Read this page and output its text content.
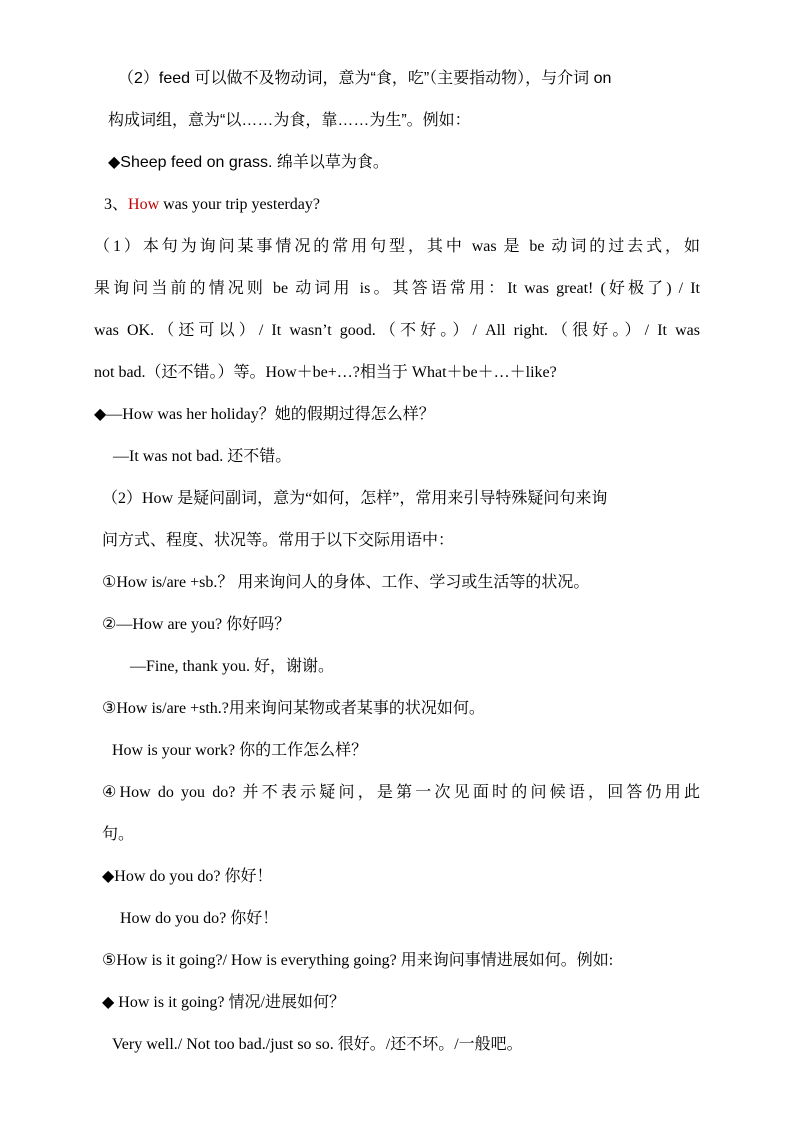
（2）feed 可以做不及物动词，意为“食，吃”（主要指动物），与介词 on
构成词组，意为“以……为食，靠……为生”。例如：
◆Sheep feed on grass. 绵羊以草为食。
3、How was your trip yesterday?
（1）本句为询问某事情况的常用句型，其中 was 是 be 动词的过去式，如
果询问当前的情况则 be 动词用 is。其答语常用：It was great! (好极了) / It
was OK.（还可以）/ It wasn’t good.（不好。）/ All right.（很好。）/ It was
not bad.（还不错。）等。How＋be+…?相当于 What＋be＋…＋like?
◆—How was her holiday？她的假期过得怎么样？
—It was not bad. 还不错。
（2）How 是疑问副词，意为“如何，怎样”，常用来引导特殊疑问句来询
问方式、程度、状况等。常用于以下交际用语中：
①How is/are +sb.？ 用来询问人的身体、工作、学习或生活等的状况。
②—How are you? 你好吗？
—Fine, thank you. 好，谢谢。
③How is/are +sth.?用来询问某物或者某事的状况如何。
How is your work? 你的工作怎么样？
④How do you do? 并不表示疑问，是第一次见面时的问候语，回答仍用此
句。
◆How do you do? 你好！
How do you do? 你好！
⑤How is it going?/ How is everything going? 用来询问事情进展如何。例如:
◆ How is it going? 情况/进展如何？
Very well./ Not too bad./just so so. 很好。/还不坏。/一般吧。
